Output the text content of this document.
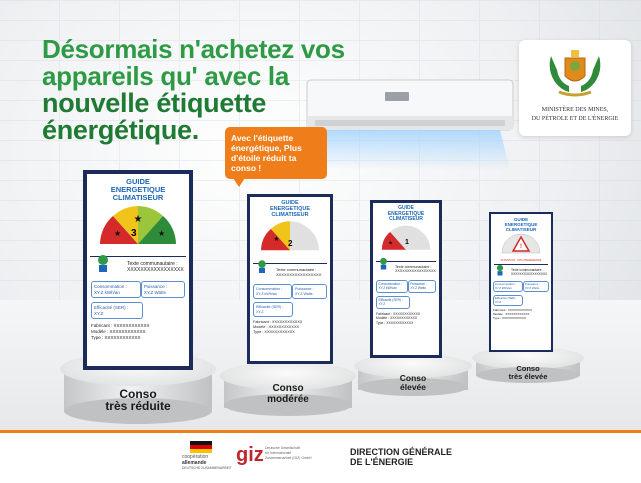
Désormais n'achetez vos
appareils qu' avec la
nouvelle étiquette
énergétique.
MINISTÈRE DES MINES,
DU PÉTROLE ET DE L'ÉNERGIE
Avec l'étiquette énergétique, Plus d'étoile réduit ta conso !
Conso
très réduite
Conso
modérée
Conso
élevée
Conso
très élevée
GUIDE
ENERGETIQUE
CLIMATISEUR
★
★	★
3
Texte communautaire :
XXXXXXXXXXXXXXXXX
Consommation :
XY,Z kWh/an
Puissance :
XY,Z Watts
Efficacité (SER) :
XY,Z
Fabricant : XXXXXXXXXXXX
Modèle : XXXXXXXXXXXX
Type : XXXXXXXXXXXX
GUIDE
ENERGETIQUE
CLIMATISEUR
★ 2
Texte communautaire :
XXXXXXXXXXXXXXXXX
Consommation :
XY,Z kWh/an
Puissance :
XY,Z Watts
Efficacité (SER) :
XY,Z
Fabricant : XXXXXXXXXXXX
Modèle : XXXXXXXXXXXX
Type : XXXXXXXXXXXX
GUIDE
ENERGETIQUE
CLIMATISEUR
★ 1
Texte communautaire :
XXXXXXXXXXXXXXXXX
Consommation :
XY,Z kWh/an
Puissance :
XY,Z Watts
Efficacité (SER) :
XY,Z
Fabricant : XXXXXXXXXXXX
Modèle : XXXXXXXXXXXX
Type : XXXXXXXXXXXX
GUIDE
ENERGETIQUE
CLIMATISEUR
!
ATTENTION : AVIS PREFERENCE
Texte communautaire :
XXXXXXXXXXXXXXXXX
Consommation :
XY,Z kWh/an
Puissance :
XY,Z Watts
Efficacité (SER) :
XY,Z
Fabricant : XXXXXXXXXXXX
Modèle : XXXXXXXXXXXX
Type : XXXXXXXXXXXX
coopération
allemande
DEUTSCHE ZUSAMMENARBEIT
giz Deutsche Gesellschaft
für Internationale
Zusammenarbeit (GIZ) GmbH
DIRECTION GÉNÉRALE
DE L'ÉNERGIE
